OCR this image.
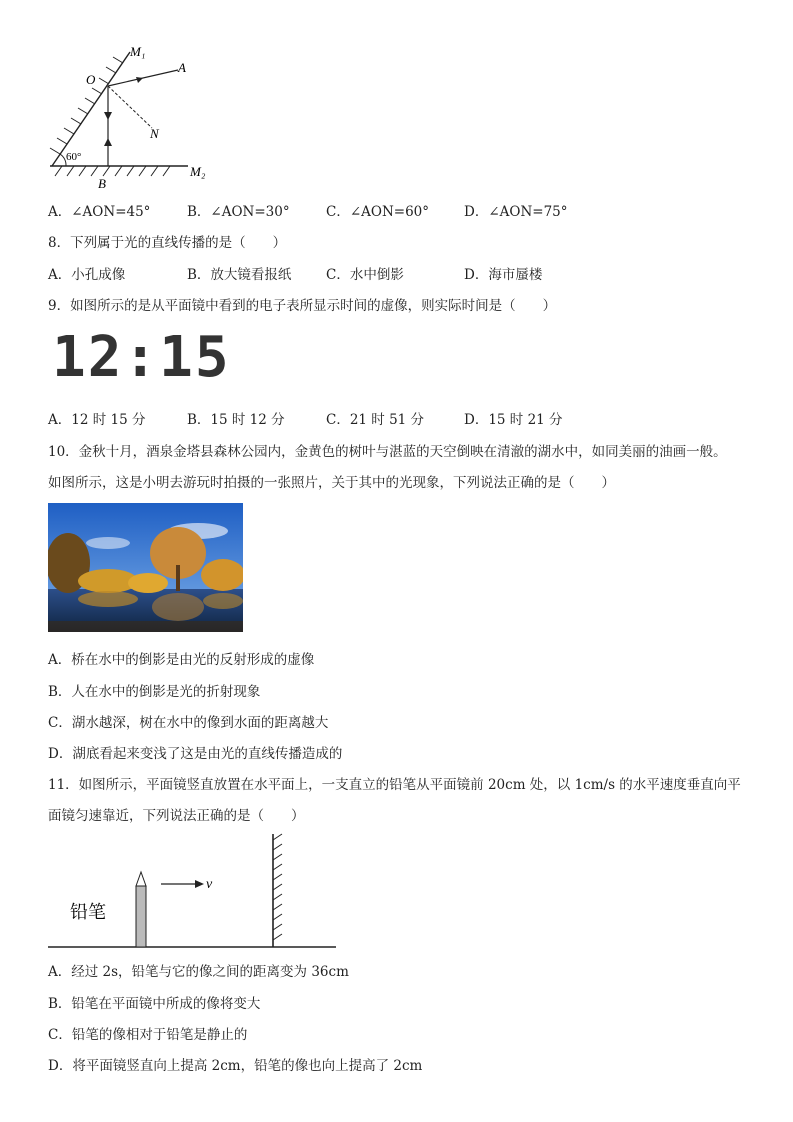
M₁
A
O
N
B
M₂
60°
A．∠AON=45°	B．∠AON=30°	C．∠AON=60°	D．∠AON=75°
8．下列属于光的直线传播的是（　　）
A．小孔成像	B．放大镜看报纸	C．水中倒影	D．海市蜃楼
9．如图所示的是从平面镜中看到的电子表所显示时间的虚像，则实际时间是（　　）
12:15
A．12 时 15 分	B．15 时 12 分	C．21 时 51 分	D．15 时 21 分
10．金秋十月，酒泉金塔县森林公园内，金黄色的树叶与湛蓝的天空倒映在清澈的湖水中，如同美丽的油画一般。
如图所示，这是小明去游玩时拍摄的一张照片，关于其中的光现象，下列说法正确的是（　　）
A．桥在水中的倒影是由光的反射形成的虚像
B．人在水中的倒影是光的折射现象
C．湖水越深，树在水中的像到水面的距离越大
D．湖底看起来变浅了这是由光的直线传播造成的
11．如图所示，平面镜竖直放置在水平面上，一支直立的铅笔从平面镜前 20cm 处，以 1cm/s 的水平速度垂直向平
面镜匀速靠近，下列说法正确的是（　　）
v
铅笔
A．经过 2s，铅笔与它的像之间的距离变为 36cm
B．铅笔在平面镜中所成的像将变大
C．铅笔的像相对于铅笔是静止的
D．将平面镜竖直向上提高 2cm，铅笔的像也向上提高了 2cm
